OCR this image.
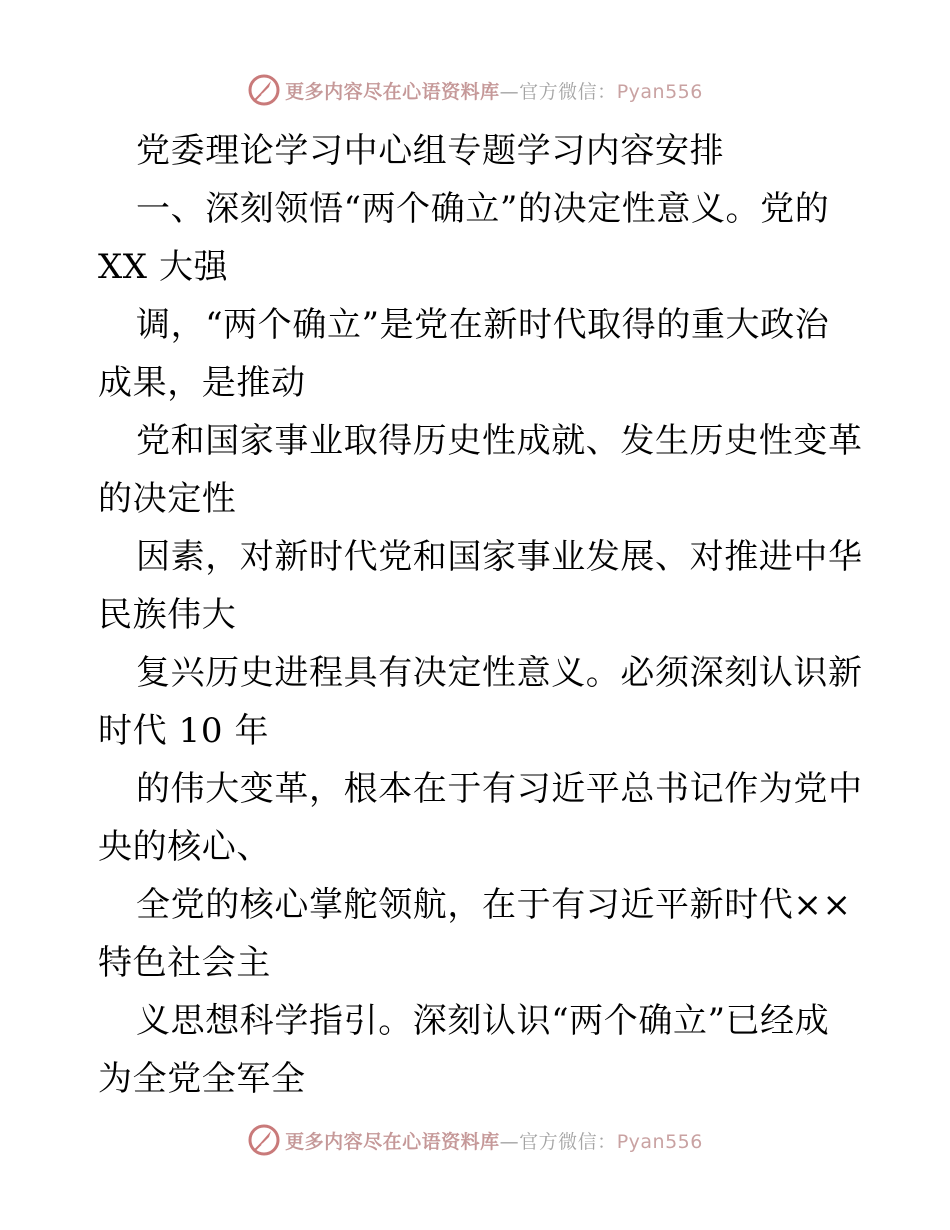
更多内容尽在心语资料库—官方微信：Pyan556
党委理论学习中心组专题学习内容安排
一、深刻领悟“两个确立”的决定性意义。党的
XX 大强
调，“两个确立”是党在新时代取得的重大政治
成果，是推动
党和国家事业取得历史性成就、发生历史性变革
的决定性
因素，对新时代党和国家事业发展、对推进中华
民族伟大
复兴历史进程具有决定性意义。必须深刻认识新
时代 10 年
的伟大变革，根本在于有习近平总书记作为党中
央的核心、
全党的核心掌舵领航，在于有习近平新时代××
特色社会主
义思想科学指引。深刻认识“两个确立”已经成
为全党全军全
更多内容尽在心语资料库—官方微信：Pyan556
